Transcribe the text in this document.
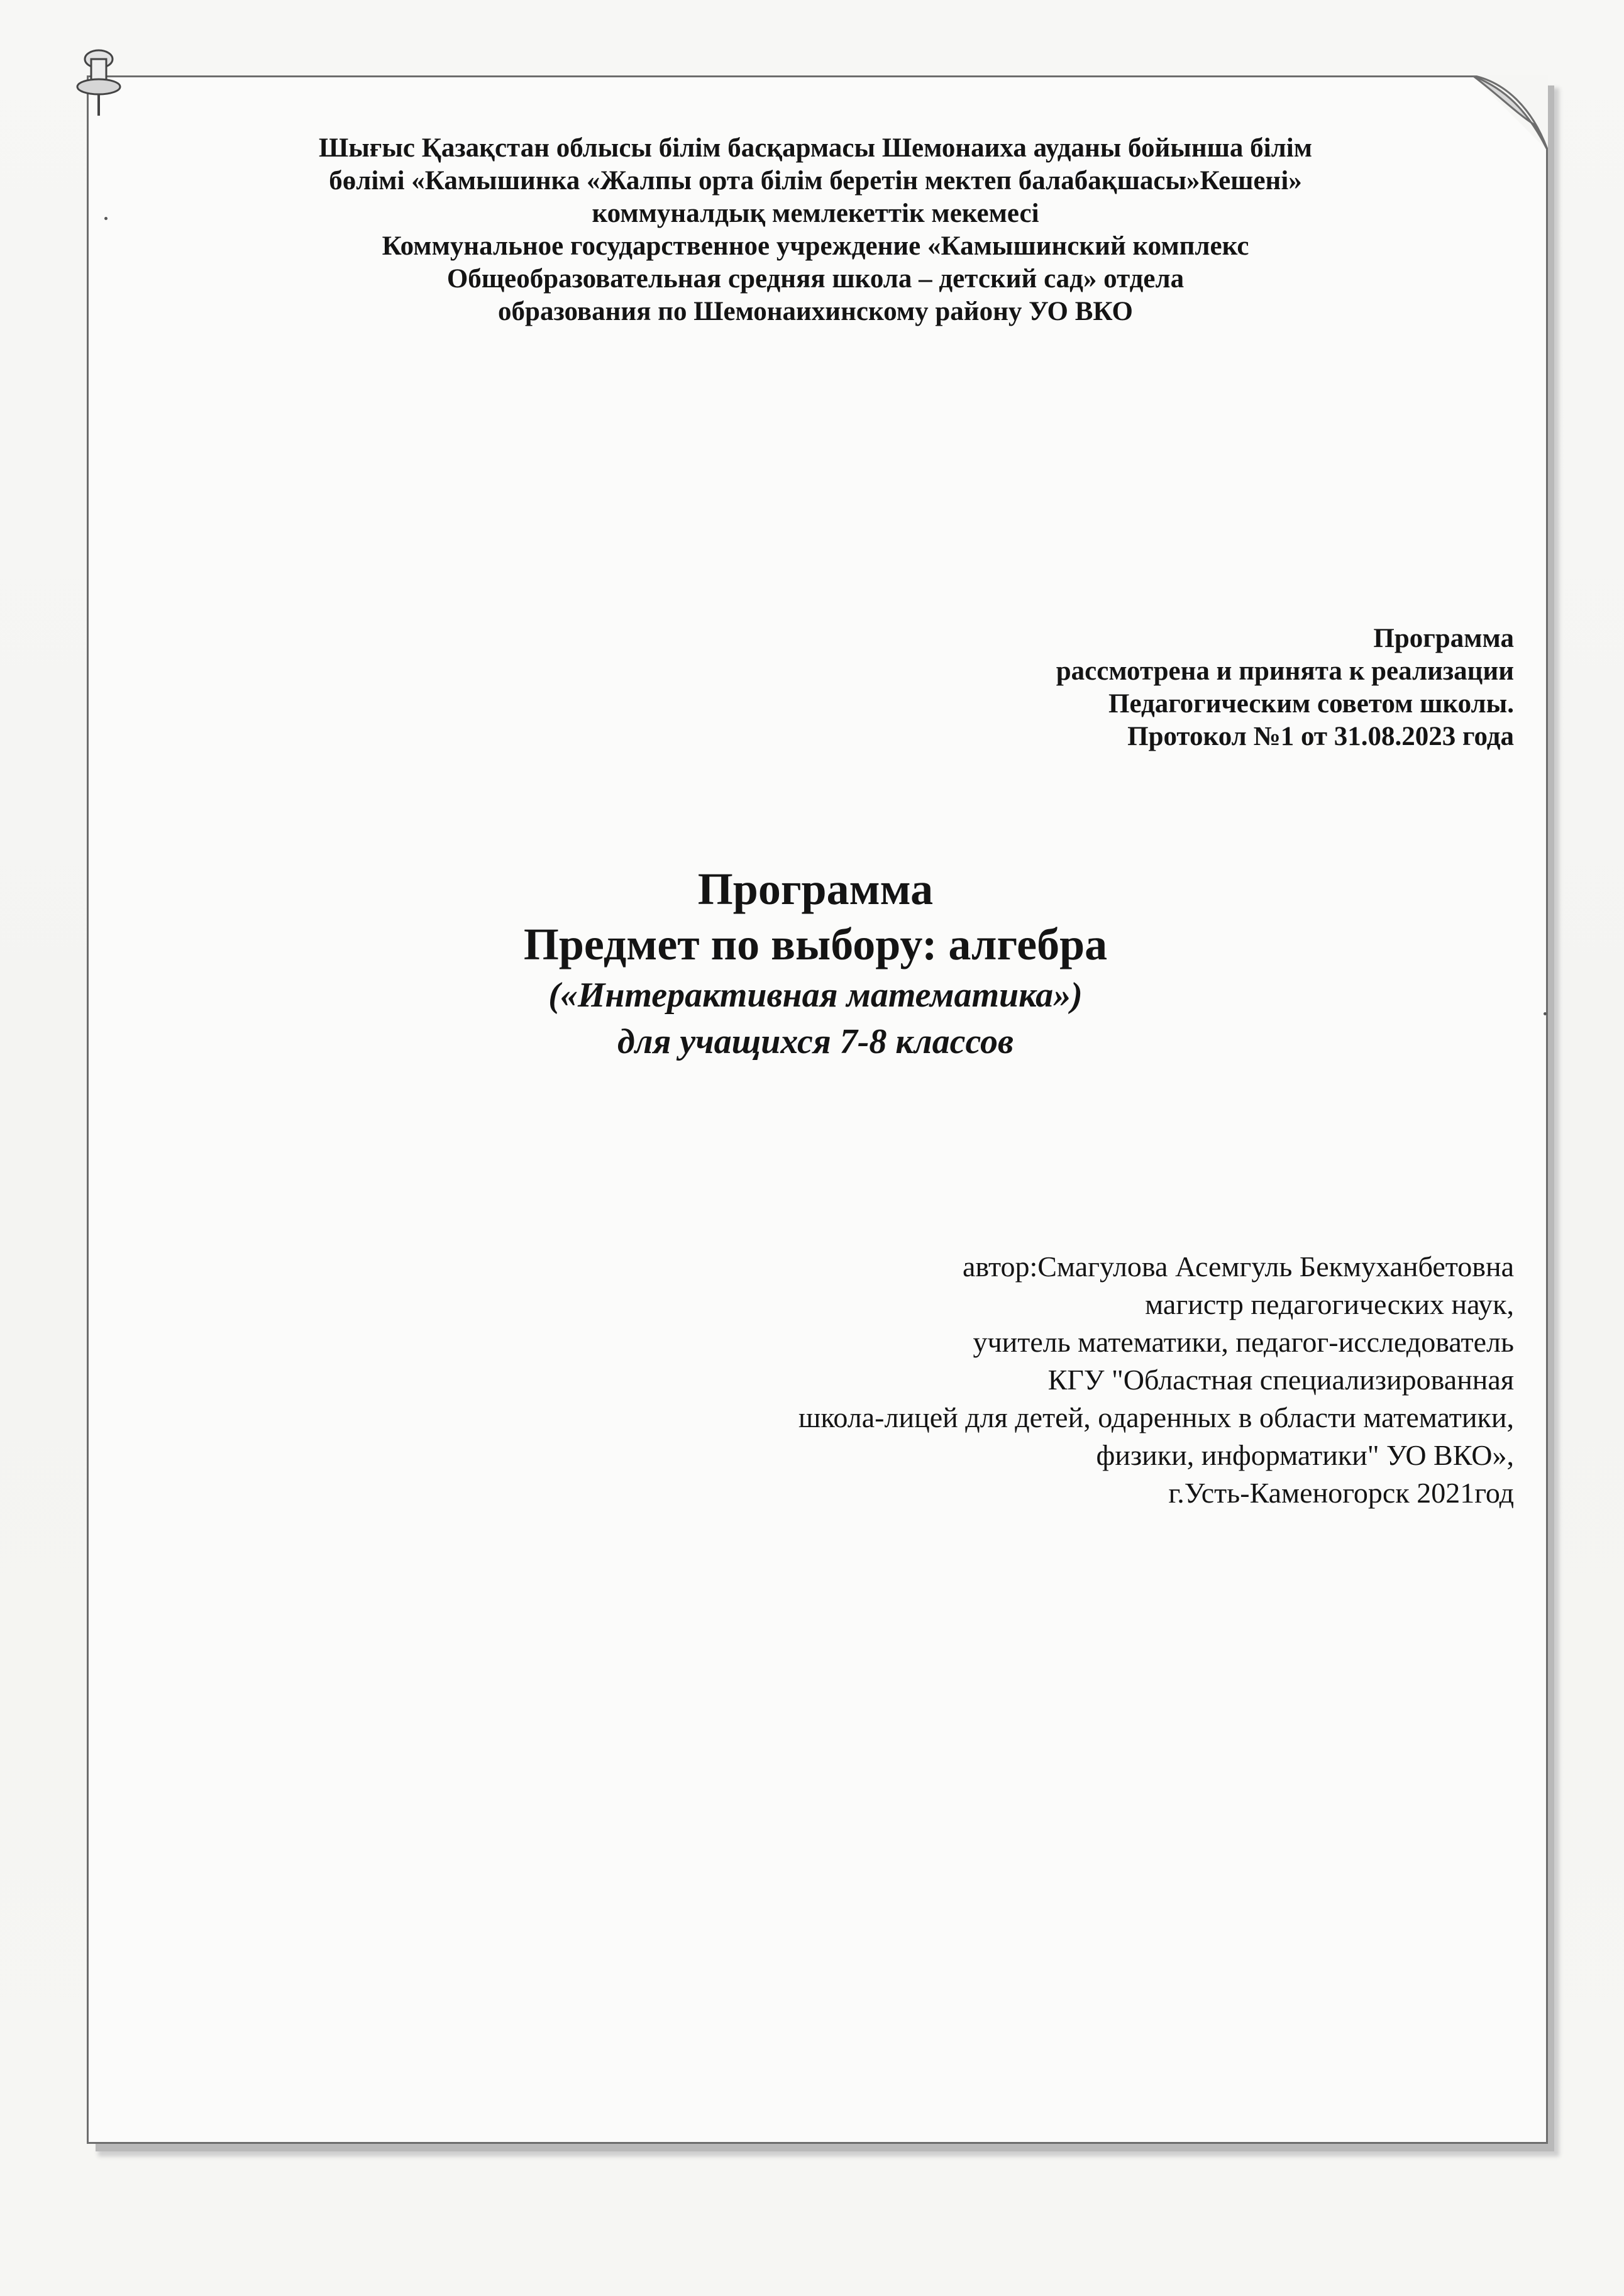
Шығыс Қазақстан облысы білім басқармасы Шемонаиха ауданы бойынша білім
бөлімі «Камышинка «Жалпы орта білім беретін мектеп балабақшасы»Кешені»
коммуналдық мемлекеттік мекемесі
Коммунальное государственное учреждение «Камышинский комплекс
Общеобразовательная средняя школа – детский сад» отдела
образования по Шемонаихинскому району УО ВКО
Программа
рассмотрена и принята к реализации
Педагогическим советом школы.
Протокол №1 от 31.08.2023 года
Программа
Предмет по выбору: алгебра
(«Интерактивная математика»)
для учащихся 7-8 классов
автор:Смагулова Асемгуль Бекмуханбетовна
магистр педагогических наук,
учитель математики, педагог-исследователь
КГУ "Областная специализированная
школа-лицей для детей, одаренных в области математики,
физики, информатики" УО ВКО»,
г.Усть-Каменогорск 2021год
